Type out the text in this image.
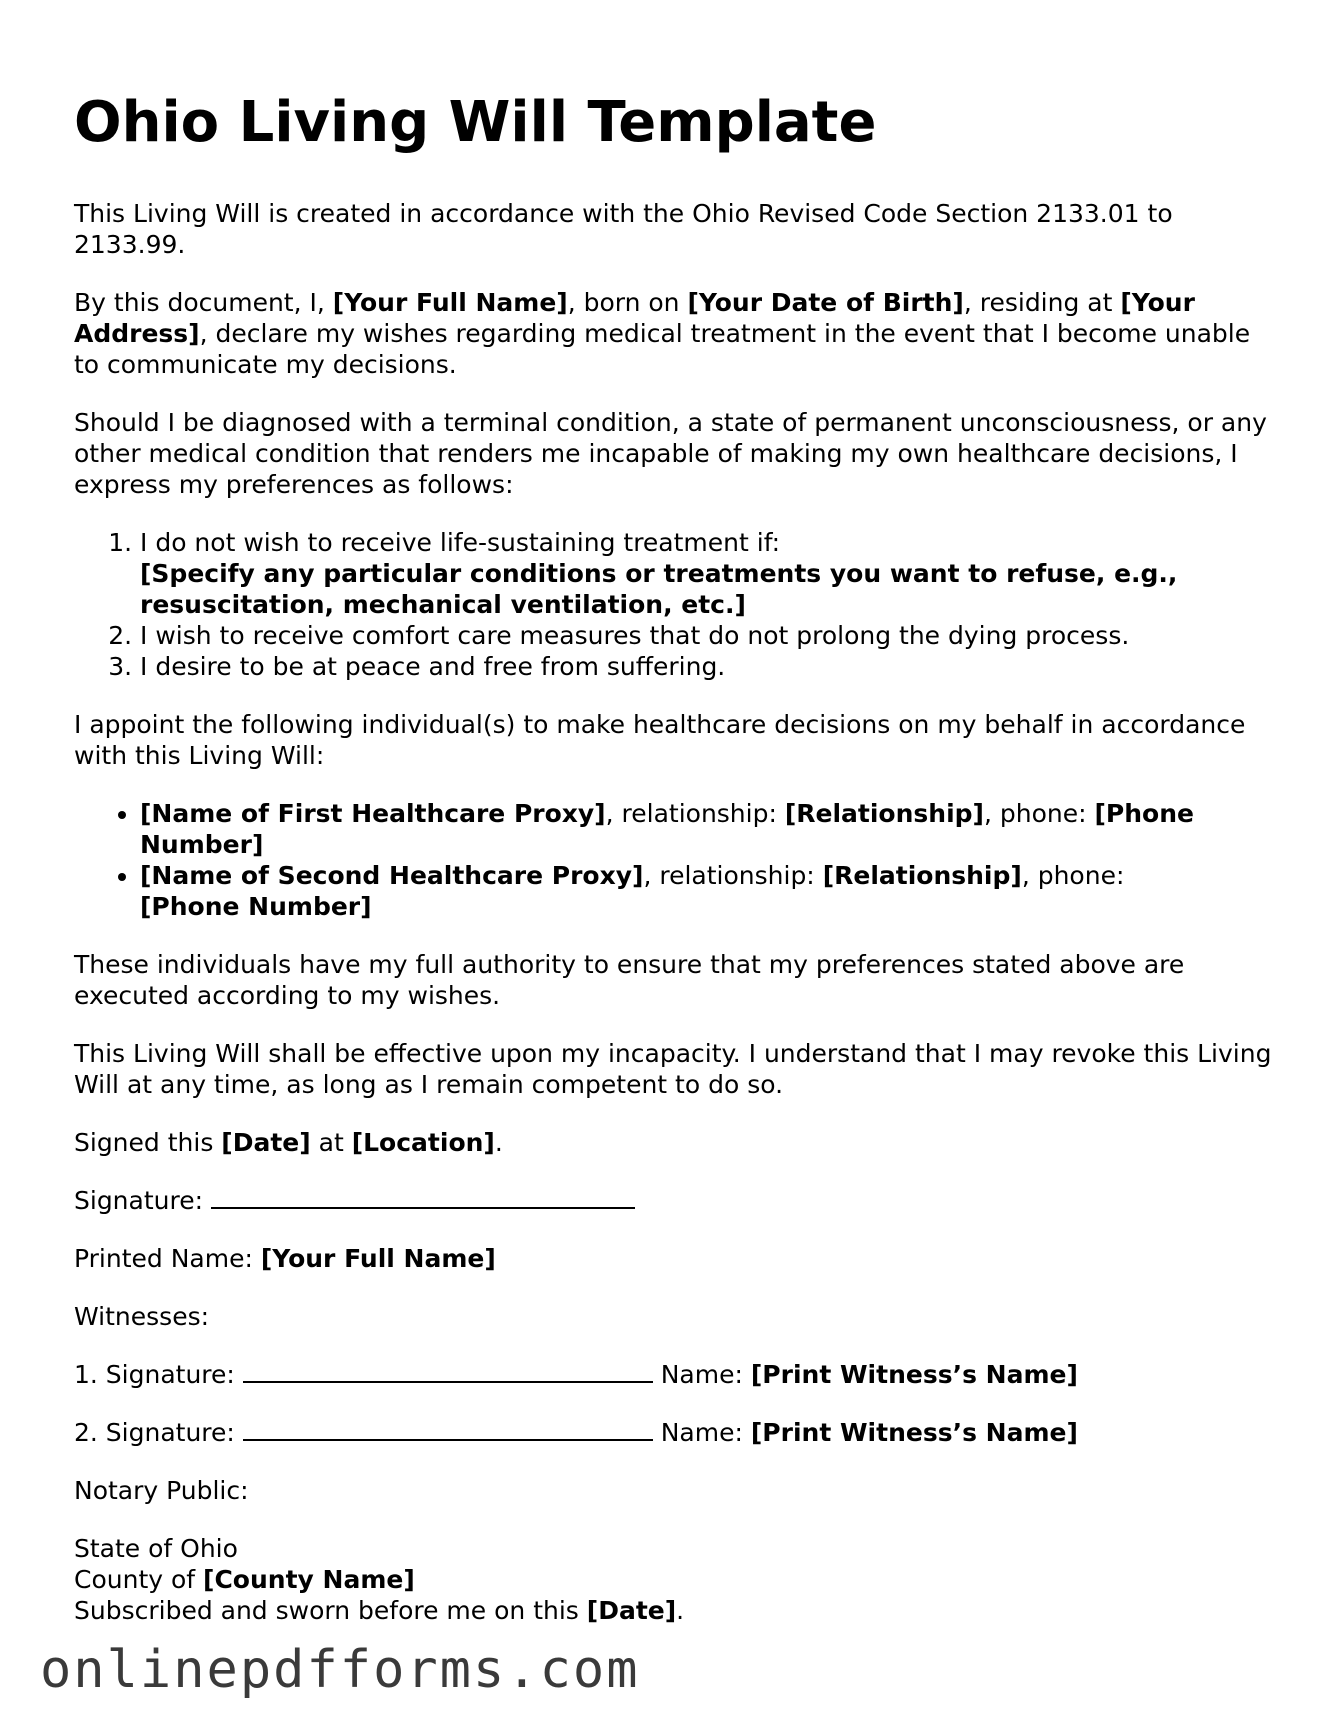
Ohio Living Will Template

This Living Will is created in accordance with the Ohio Revised Code Section 2133.01 to 2133.99.

By this document, I, [Your Full Name], born on [Your Date of Birth], residing at [Your Address], declare my wishes regarding medical treatment in the event that I become unable to communicate my decisions.

Should I be diagnosed with a terminal condition, a state of permanent unconsciousness, or any other medical condition that renders me incapable of making my own healthcare decisions, I express my preferences as follows:

1. I do not wish to receive life-sustaining treatment if:
[Specify any particular conditions or treatments you want to refuse, e.g., resuscitation, mechanical ventilation, etc.]
2. I wish to receive comfort care measures that do not prolong the dying process.
3. I desire to be at peace and free from suffering.

I appoint the following individual(s) to make healthcare decisions on my behalf in accordance with this Living Will:

• [Name of First Healthcare Proxy], relationship: [Relationship], phone: [Phone Number]
• [Name of Second Healthcare Proxy], relationship: [Relationship], phone:
[Phone Number]

These individuals have my full authority to ensure that my preferences stated above are executed according to my wishes.

This Living Will shall be effective upon my incapacity. I understand that I may revoke this Living Will at any time, as long as I remain competent to do so.

Signed this [Date] at [Location].

Signature:

Printed Name: [Your Full Name]

Witnesses:

1. Signature:	Name: [Print Witness’s Name]

2. Signature:	Name: [Print Witness’s Name]

Notary Public:

State of Ohio

County of [County Name]

Subscribed and sworn before me on this [Date].

onlinepdfforms.com
